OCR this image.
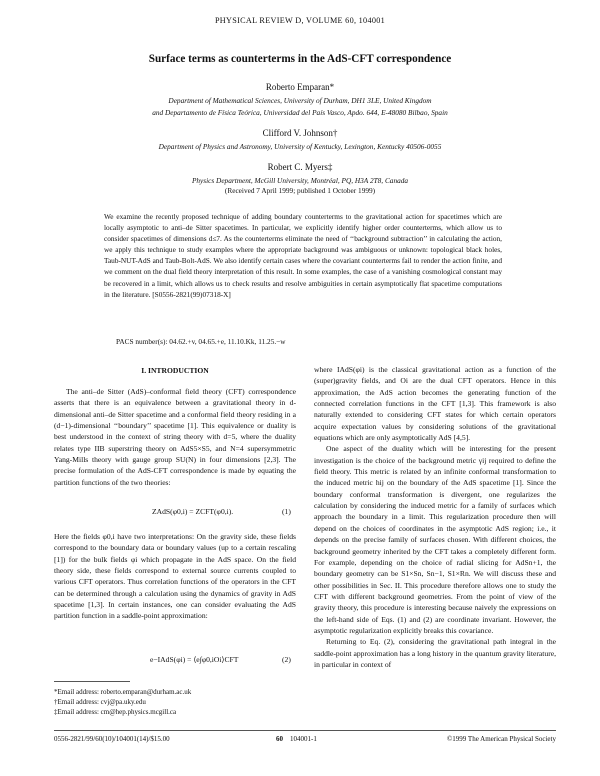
PHYSICAL REVIEW D, VOLUME 60, 104001
Surface terms as counterterms in the AdS-CFT correspondence
Roberto Emparan*
Department of Mathematical Sciences, University of Durham, DH1 3LE, United Kingdom
and Departamento de Física Teórica, Universidad del País Vasco, Apdo. 644, E-48080 Bilbao, Spain
Clifford V. Johnson†
Department of Physics and Astronomy, University of Kentucky, Lexington, Kentucky 40506-0055
Robert C. Myers‡
Physics Department, McGill University, Montréal, PQ, H3A 2T8, Canada
(Received 7 April 1999; published 1 October 1999)
We examine the recently proposed technique of adding boundary counterterms to the gravitational action for spacetimes which are locally asymptotic to anti–de Sitter spacetimes. In particular, we explicitly identify higher order counterterms, which allow us to consider spacetimes of dimensions d≤7. As the counterterms eliminate the need of ‘‘background subtraction’’ in calculating the action, we apply this technique to study examples where the appropriate background was ambiguous or unknown: topological black holes, Taub-NUT-AdS and Taub-Bolt-AdS. We also identify certain cases where the covariant counterterms fail to render the action finite, and we comment on the dual field theory interpretation of this result. In some examples, the case of a vanishing cosmological constant may be recovered in a limit, which allows us to check results and resolve ambiguities in certain asymptotically flat spacetime computations in the literature. [S0556-2821(99)07318-X]
PACS number(s): 04.62.+v, 04.65.+e, 11.10.Kk, 11.25.−w
I. INTRODUCTION

The anti–de Sitter (AdS)–conformal field theory (CFT) correspondence asserts that there is an equivalence between a gravitational theory in d-dimensional anti–de Sitter spacetime and a conformal field theory residing in a (d−1)-dimensional ‘‘boundary’’ spacetime [1]. This equivalence or duality is best understood in the context of string theory with d=5, where the duality relates type IIB superstring theory on AdS5×S5, and N=4 supersymmetric Yang-Mills theory with gauge group SU(N) in four dimensions [2,3]. The precise formulation of the AdS-CFT correspondence is made by equating the partition functions of the two theories:

ZAdS(φ0,i) = ZCFT(φ0,i).	(1)

Here the fields φ0,i have two interpretations: On the gravity side, these fields correspond to the boundary data or boundary values (up to a certain rescaling [1]) for the bulk fields φi which propagate in the AdS space. On the field theory side, these fields correspond to external source currents coupled to various CFT operators. Thus correlation functions of the operators in the CFT can be determined through a calculation using the dynamics of gravity in AdS spacetime [1,3]. In certain instances, one can consider evaluating the AdS partition function in a saddle-point approximation:

e−IAdS(φi) = ⟨e∫φ0,iOi⟩CFT	(2)
*Email address: roberto.emparan@durham.ac.uk
†Email address: cvj@pa.uky.edu
‡Email address: cm@hep.physics.mcgill.ca

where IAdS(φi) is the classical gravitational action as a function of the (super)gravity fields, and Oi are the dual CFT operators. Hence in this approximation, the AdS action becomes the generating function of the connected correlation functions in the CFT [1,3]. This framework is also naturally extended to considering CFT states for which certain operators acquire expectation values by considering solutions of the gravitational equations which are only asymptotically AdS [4,5].

One aspect of the duality which will be interesting for the present investigation is the choice of the background metric γij required to define the field theory. This metric is related by an infinite conformal transformation to the induced metric hij on the boundary of the AdS spacetime [1]. Since the boundary conformal transformation is divergent, one regularizes the calculation by considering the induced metric for a family of surfaces which approach the boundary in a limit. This regularization procedure then will depend on the choices of coordinates in the asymptotic AdS region; i.e., it depends on the precise family of surfaces chosen. With different choices, the background geometry inherited by the CFT takes a completely different form. For example, depending on the choice of radial slicing for AdSn+1, the boundary geometry can be S1×Sn, Sn−1, S1×Rn. We will discuss these and other possibilities in Sec. II. This procedure therefore allows one to study the CFT with different background geometries. From the point of view of the gravity theory, this procedure is interesting because naively the expressions on the left-hand side of Eqs. (1) and (2) are coordinate invariant. However, the asymptotic regularization explicitly breaks this covariance.

Returning to Eq. (2), considering the gravitational path integral in the saddle-point approximation has a long history in the quantum gravity literature, in particular in context of

0556-2821/99/60(10)/104001(14)/$15.00	60 104001-1	©1999 The American Physical Society
